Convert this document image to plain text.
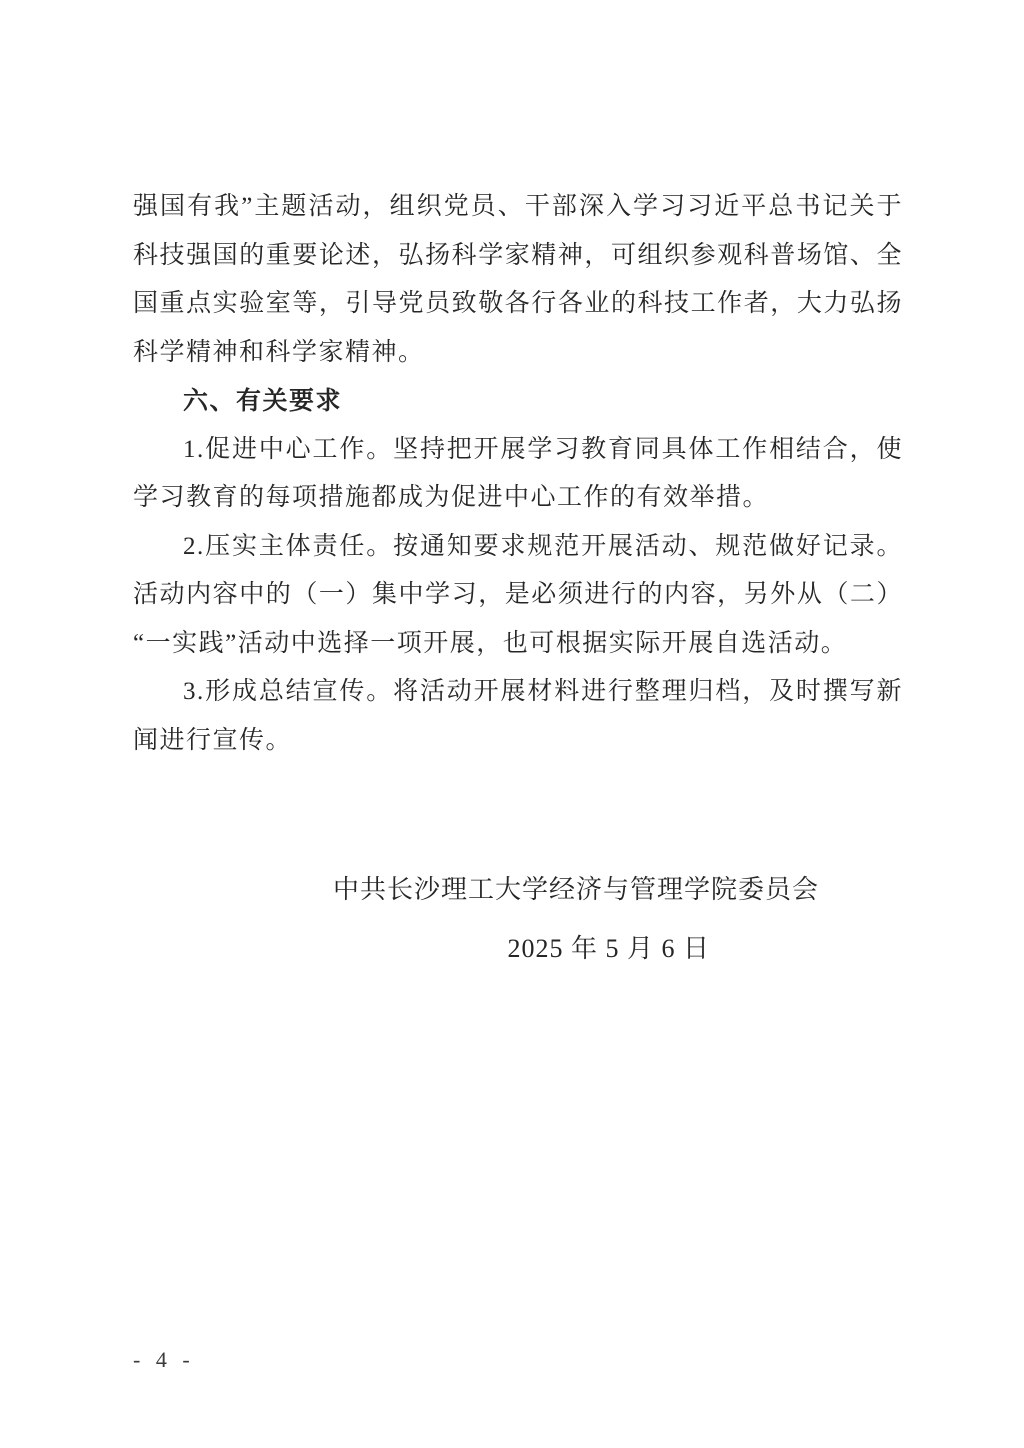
强国有我”主题活动，组织党员、干部深入学习习近平总书记关于科技强国的重要论述，弘扬科学家精神，可组织参观科普场馆、全国重点实验室等，引导党员致敬各行各业的科技工作者，大力弘扬科学精神和科学家精神。

六、有关要求

1.促进中心工作。坚持把开展学习教育同具体工作相结合，使学习教育的每项措施都成为促进中心工作的有效举措。

2.压实主体责任。按通知要求规范开展活动、规范做好记录。活动内容中的（一）集中学习，是必须进行的内容，另外从（二）“一实践”活动中选择一项开展，也可根据实际开展自选活动。

3.形成总结宣传。将活动开展材料进行整理归档，及时撰写新闻进行宣传。

中共长沙理工大学经济与管理学院委员会

2025 年 5 月 6 日

- 4 -
